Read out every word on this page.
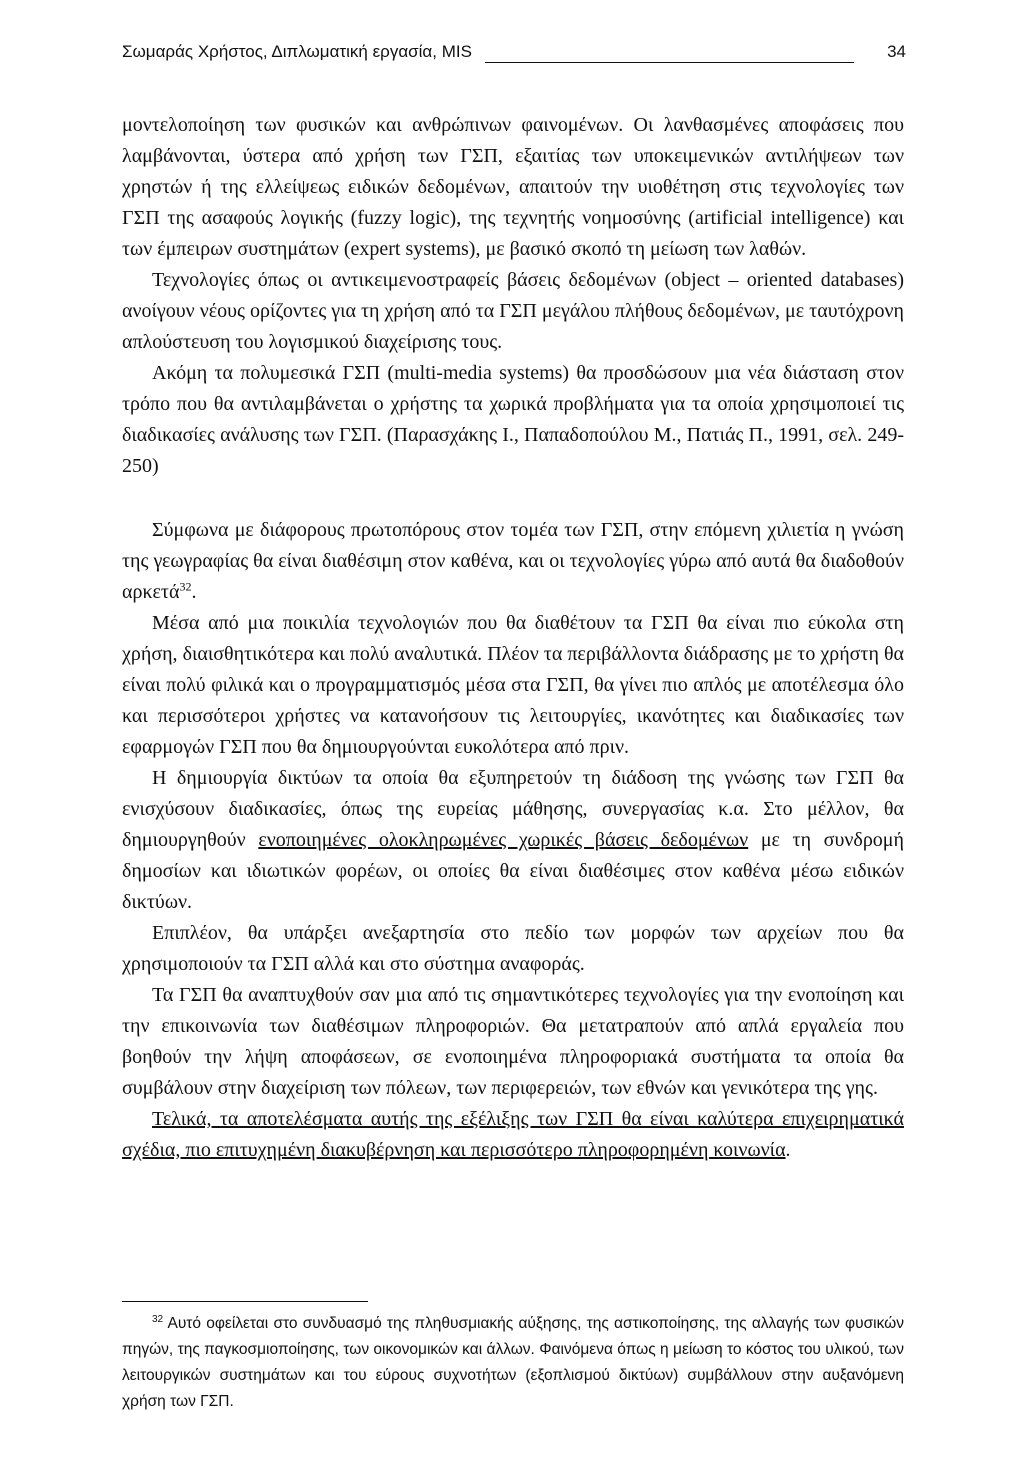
Σωμαράς Χρήστος, Διπλωματική εργασία, MIS	34

μοντελοποίηση των φυσικών και ανθρώπινων φαινομένων. Οι λανθασμένες αποφάσεις που λαμβάνονται, ύστερα από χρήση των ΓΣΠ, εξαιτίας των υποκειμενικών αντιλήψεων των χρηστών ή της ελλείψεως ειδικών δεδομένων, απαιτούν την υιοθέτηση στις τεχνολογίες των ΓΣΠ της ασαφούς λογικής (fuzzy logic), της τεχνητής νοημοσύνης (artificial intelligence) και των έμπειρων συστημάτων (expert systems), με βασικό σκοπό τη μείωση των λαθών.

Τεχνολογίες όπως οι αντικειμενοστραφείς βάσεις δεδομένων (object – oriented databases) ανοίγουν νέους ορίζοντες για τη χρήση από τα ΓΣΠ μεγάλου πλήθους δεδομένων, με ταυτόχρονη απλούστευση του λογισμικού διαχείρισης τους.

Ακόμη τα πολυμεσικά ΓΣΠ (multi-media systems) θα προσδώσουν μια νέα διάσταση στον τρόπο που θα αντιλαμβάνεται ο χρήστης τα χωρικά προβλήματα για τα οποία χρησιμοποιεί τις διαδικασίες ανάλυσης των ΓΣΠ. (Παρασχάκης Ι., Παπαδοπούλου Μ., Πατιάς Π., 1991, σελ. 249-250)

Σύμφωνα με διάφορους πρωτοπόρους στον τομέα των ΓΣΠ, στην επόμενη χιλιετία η γνώση της γεωγραφίας θα είναι διαθέσιμη στον καθένα, και οι τεχνολογίες γύρω από αυτά θα διαδοθούν αρκετά$^{32}$.

Μέσα από μια ποικιλία τεχνολογιών που θα διαθέτουν τα ΓΣΠ θα είναι πιο εύκολα στη χρήση, διαισθητικότερα και πολύ αναλυτικά. Πλέον τα περιβάλλοντα διάδρασης με το χρήστη θα είναι πολύ φιλικά και ο προγραμματισμός μέσα στα ΓΣΠ, θα γίνει πιο απλός με αποτέλεσμα όλο και περισσότεροι χρήστες να κατανοήσουν τις λειτουργίες, ικανότητες και διαδικασίες των εφαρμογών ΓΣΠ που θα δημιουργούνται ευκολότερα από πριν.

Η δημιουργία δικτύων τα οποία θα εξυπηρετούν τη διάδοση της γνώσης των ΓΣΠ θα ενισχύσουν διαδικασίες, όπως της ευρείας μάθησης, συνεργασίας κ.α. Στο μέλλον, θα δημιουργηθούν ενοποιημένες ολοκληρωμένες χωρικές βάσεις δεδομένων με τη συνδρομή δημοσίων και ιδιωτικών φορέων, οι οποίες θα είναι διαθέσιμες στον καθένα μέσω ειδικών δικτύων.

Επιπλέον, θα υπάρξει ανεξαρτησία στο πεδίο των μορφών των αρχείων που θα χρησιμοποιούν τα ΓΣΠ αλλά και στο σύστημα αναφοράς.

Τα ΓΣΠ θα αναπτυχθούν σαν μια από τις σημαντικότερες τεχνολογίες για την ενοποίηση και την επικοινωνία των διαθέσιμων πληροφοριών. Θα μετατραπούν από απλά εργαλεία που βοηθούν την λήψη αποφάσεων, σε ενοποιημένα πληροφοριακά συστήματα τα οποία θα συμβάλουν στην διαχείριση των πόλεων, των περιφερειών, των εθνών και γενικότερα της γης.

Τελικά, τα αποτελέσματα αυτής της εξέλιξης των ΓΣΠ θα είναι καλύτερα επιχειρηματικά σχέδια, πιο επιτυχημένη διακυβέρνηση και περισσότερο πληροφορημένη κοινωνία.

$^{32}$ Αυτό οφείλεται στο συνδυασμό της πληθυσμιακής αύξησης, της αστικοποίησης, της αλλαγής των φυσικών πηγών, της παγκοσμιοποίησης, των οικονομικών και άλλων. Φαινόμενα όπως η μείωση το κόστος του υλικού, των λειτουργικών συστημάτων και του εύρους συχνοτήτων (εξοπλισμού δικτύων) συμβάλλουν στην αυξανόμενη χρήση των ΓΣΠ.
